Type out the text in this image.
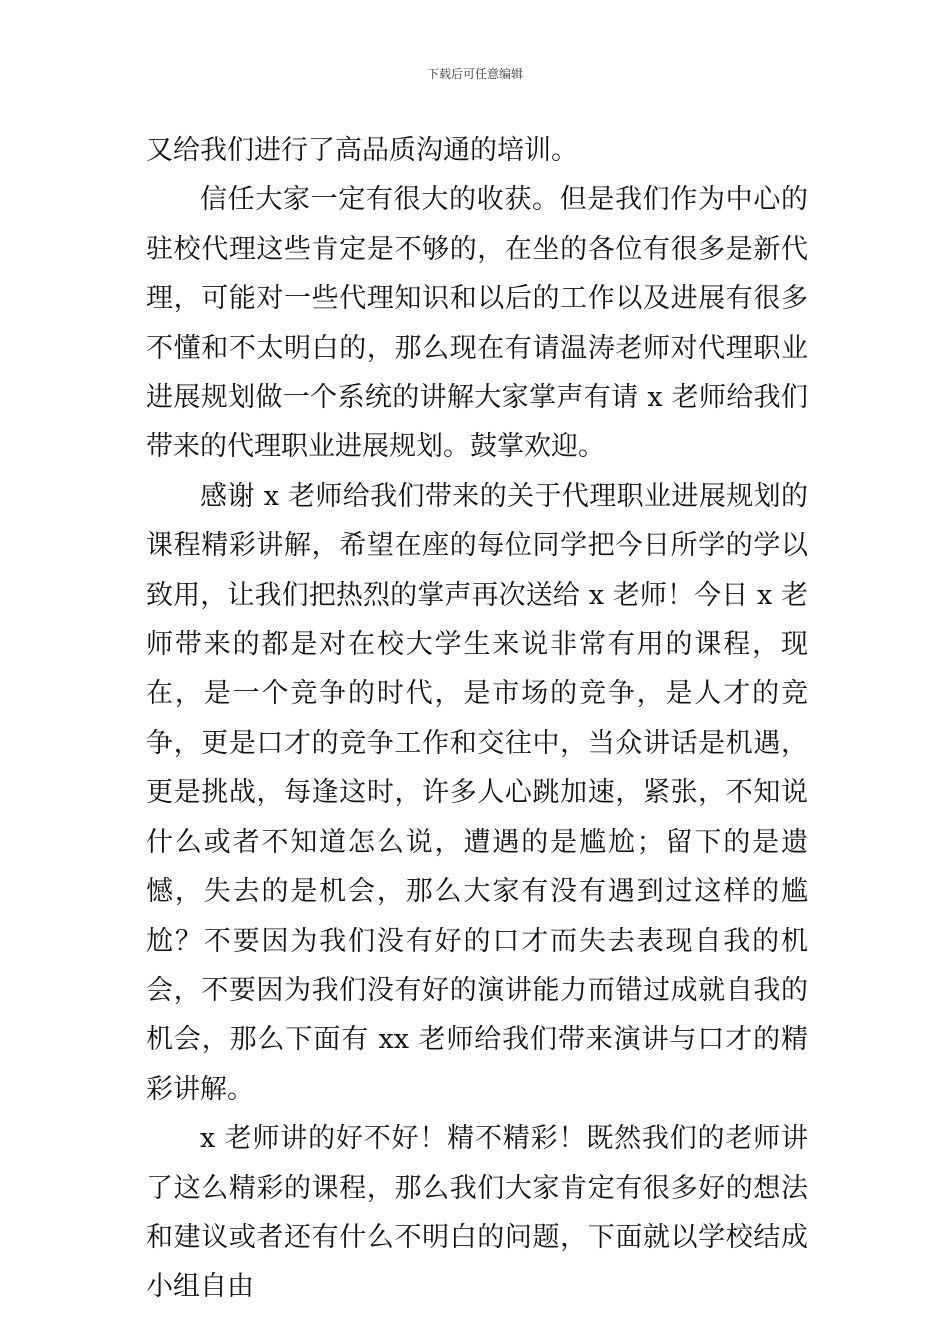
下载后可任意编辑

又给我们进行了高品质沟通的培训。

信任大家一定有很大的收获。但是我们作为中心的驻校代理这些肯定是不够的，在坐的各位有很多是新代理，可能对一些代理知识和以后的工作以及进展有很多不懂和不太明白的，那么现在有请温涛老师对代理职业进展规划做一个系统的讲解大家掌声有请 x 老师给我们带来的代理职业进展规划。鼓掌欢迎。

感谢 x 老师给我们带来的关于代理职业进展规划的课程精彩讲解，希望在座的每位同学把今日所学的学以致用，让我们把热烈的掌声再次送给 x 老师！今日 x 老师带来的都是对在校大学生来说非常有用的课程，现在，是一个竞争的时代，是市场的竞争，是人才的竞争，更是口才的竞争工作和交往中，当众讲话是机遇，更是挑战，每逢这时，许多人心跳加速，紧张，不知说什么或者不知道怎么说，遭遇的是尴尬；留下的是遗憾，失去的是机会，那么大家有没有遇到过这样的尴尬？不要因为我们没有好的口才而失去表现自我的机会，不要因为我们没有好的演讲能力而错过成就自我的机会，那么下面有 xx 老师给我们带来演讲与口才的精彩讲解。

x 老师讲的好不好！精不精彩！既然我们的老师讲了这么精彩的课程，那么我们大家肯定有很多好的想法和建议或者还有什么不明白的问题，下面就以学校结成小组自由
